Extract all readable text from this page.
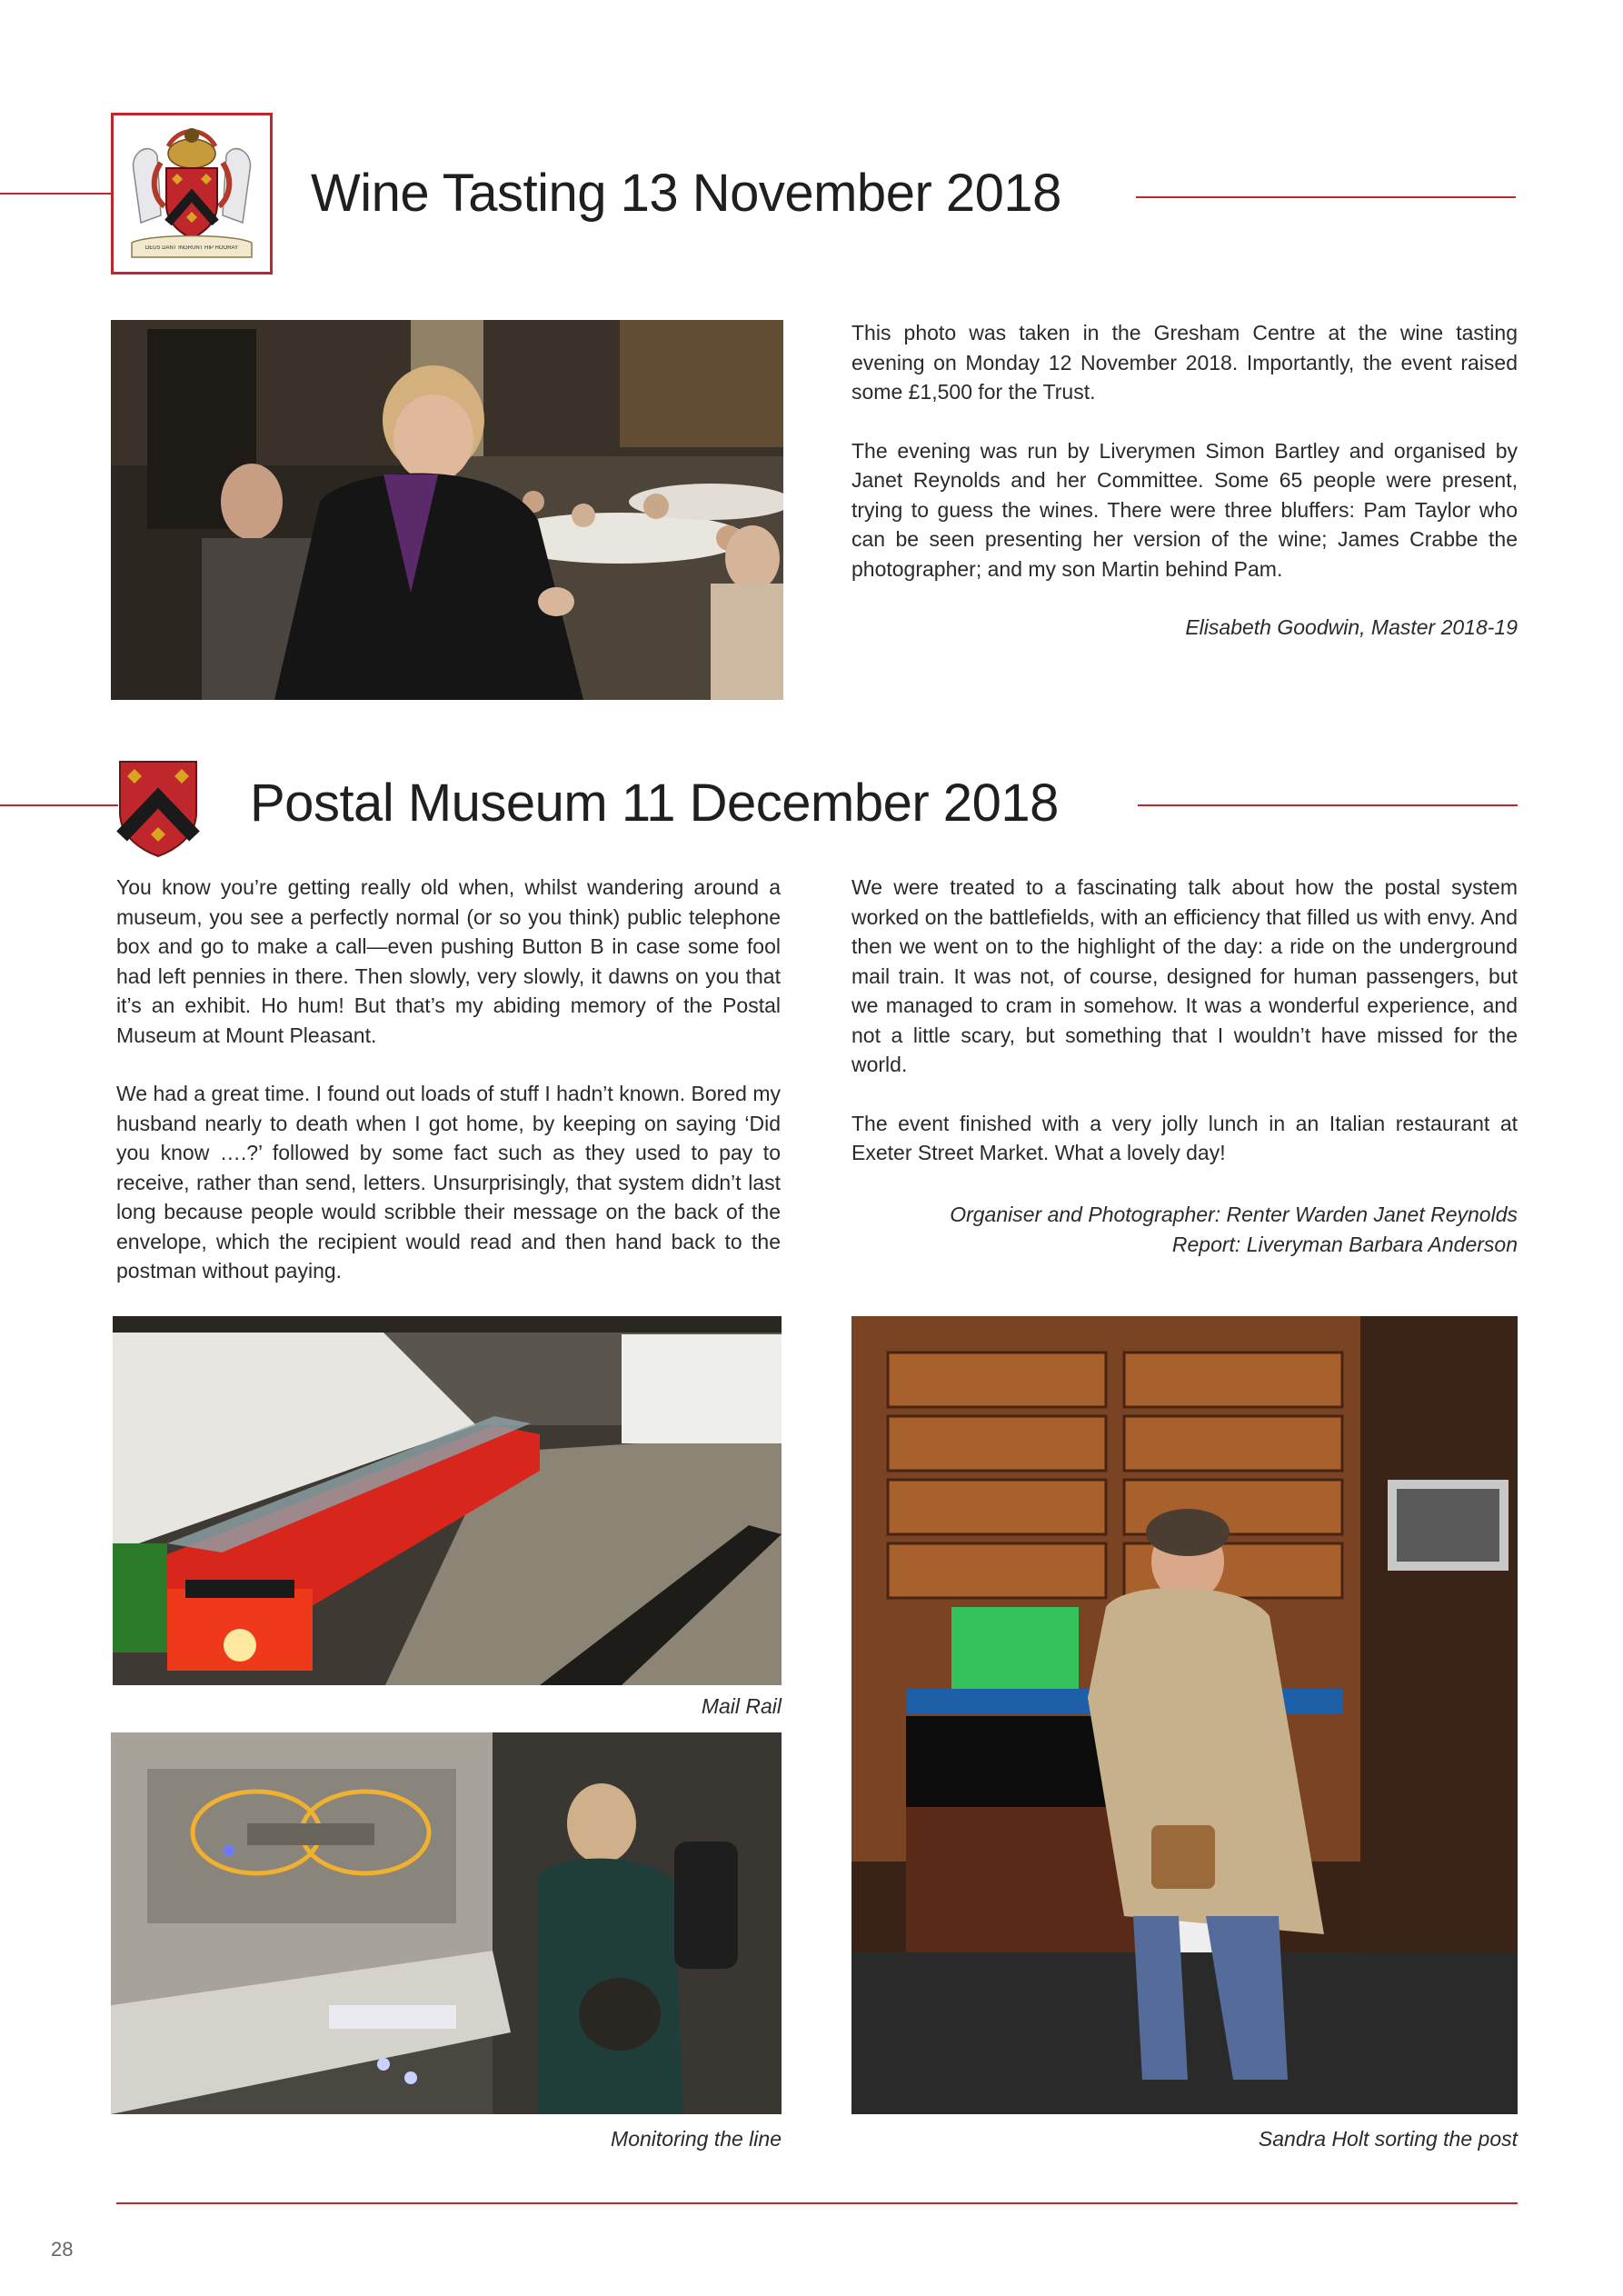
DEUS DANT INGRUNT HIP HOORAY
Wine Tasting 13 November 2018

This photo was taken in the Gresham Centre at the wine tasting evening on Monday 12 November 2018. Importantly, the event raised some £1,500 for the Trust.

The evening was run by Liverymen Simon Bartley and organised by Janet Reynolds and her Committee. Some 65 people were present, trying to guess the wines. There were three bluffers: Pam Taylor who can be seen presenting her version of the wine; James Crabbe the photographer; and my son Martin behind Pam.

Elisabeth Goodwin, Master 2018-19
Postal Museum 11 December 2018

You know you’re getting really old when, whilst wandering around a museum, you see a perfectly normal (or so you think) public telephone box and go to make a call—even pushing Button B in case some fool had left pennies in there. Then slowly, very slowly, it dawns on you that it’s an exhibit. Ho hum! But that’s my abiding memory of the Postal Museum at Mount Pleasant.

We had a great time. I found out loads of stuff I hadn’t known. Bored my husband nearly to death when I got home, by keeping on saying ‘Did you know ….?’ followed by some fact such as they used to pay to receive, rather than send, letters. Unsurprisingly, that system didn’t last long because people would scribble their message on the back of the envelope, which the recipient would read and then hand back to the postman without paying.

We were treated to a fascinating talk about how the postal system worked on the battlefields, with an efficiency that filled us with envy. And then we went on to the highlight of the day: a ride on the underground mail train. It was not, of course, designed for human passengers, but we managed to cram in somehow. It was a wonderful experience, and not a little scary, but something that I wouldn’t have missed for the world.

The event finished with a very jolly lunch in an Italian restaurant at Exeter Street Market. What a lovely day!

Organiser and Photographer: Renter Warden Janet Reynolds
Report: Liveryman Barbara Anderson
Mail Rail
Monitoring the line	Sandra Holt sorting the post
28
